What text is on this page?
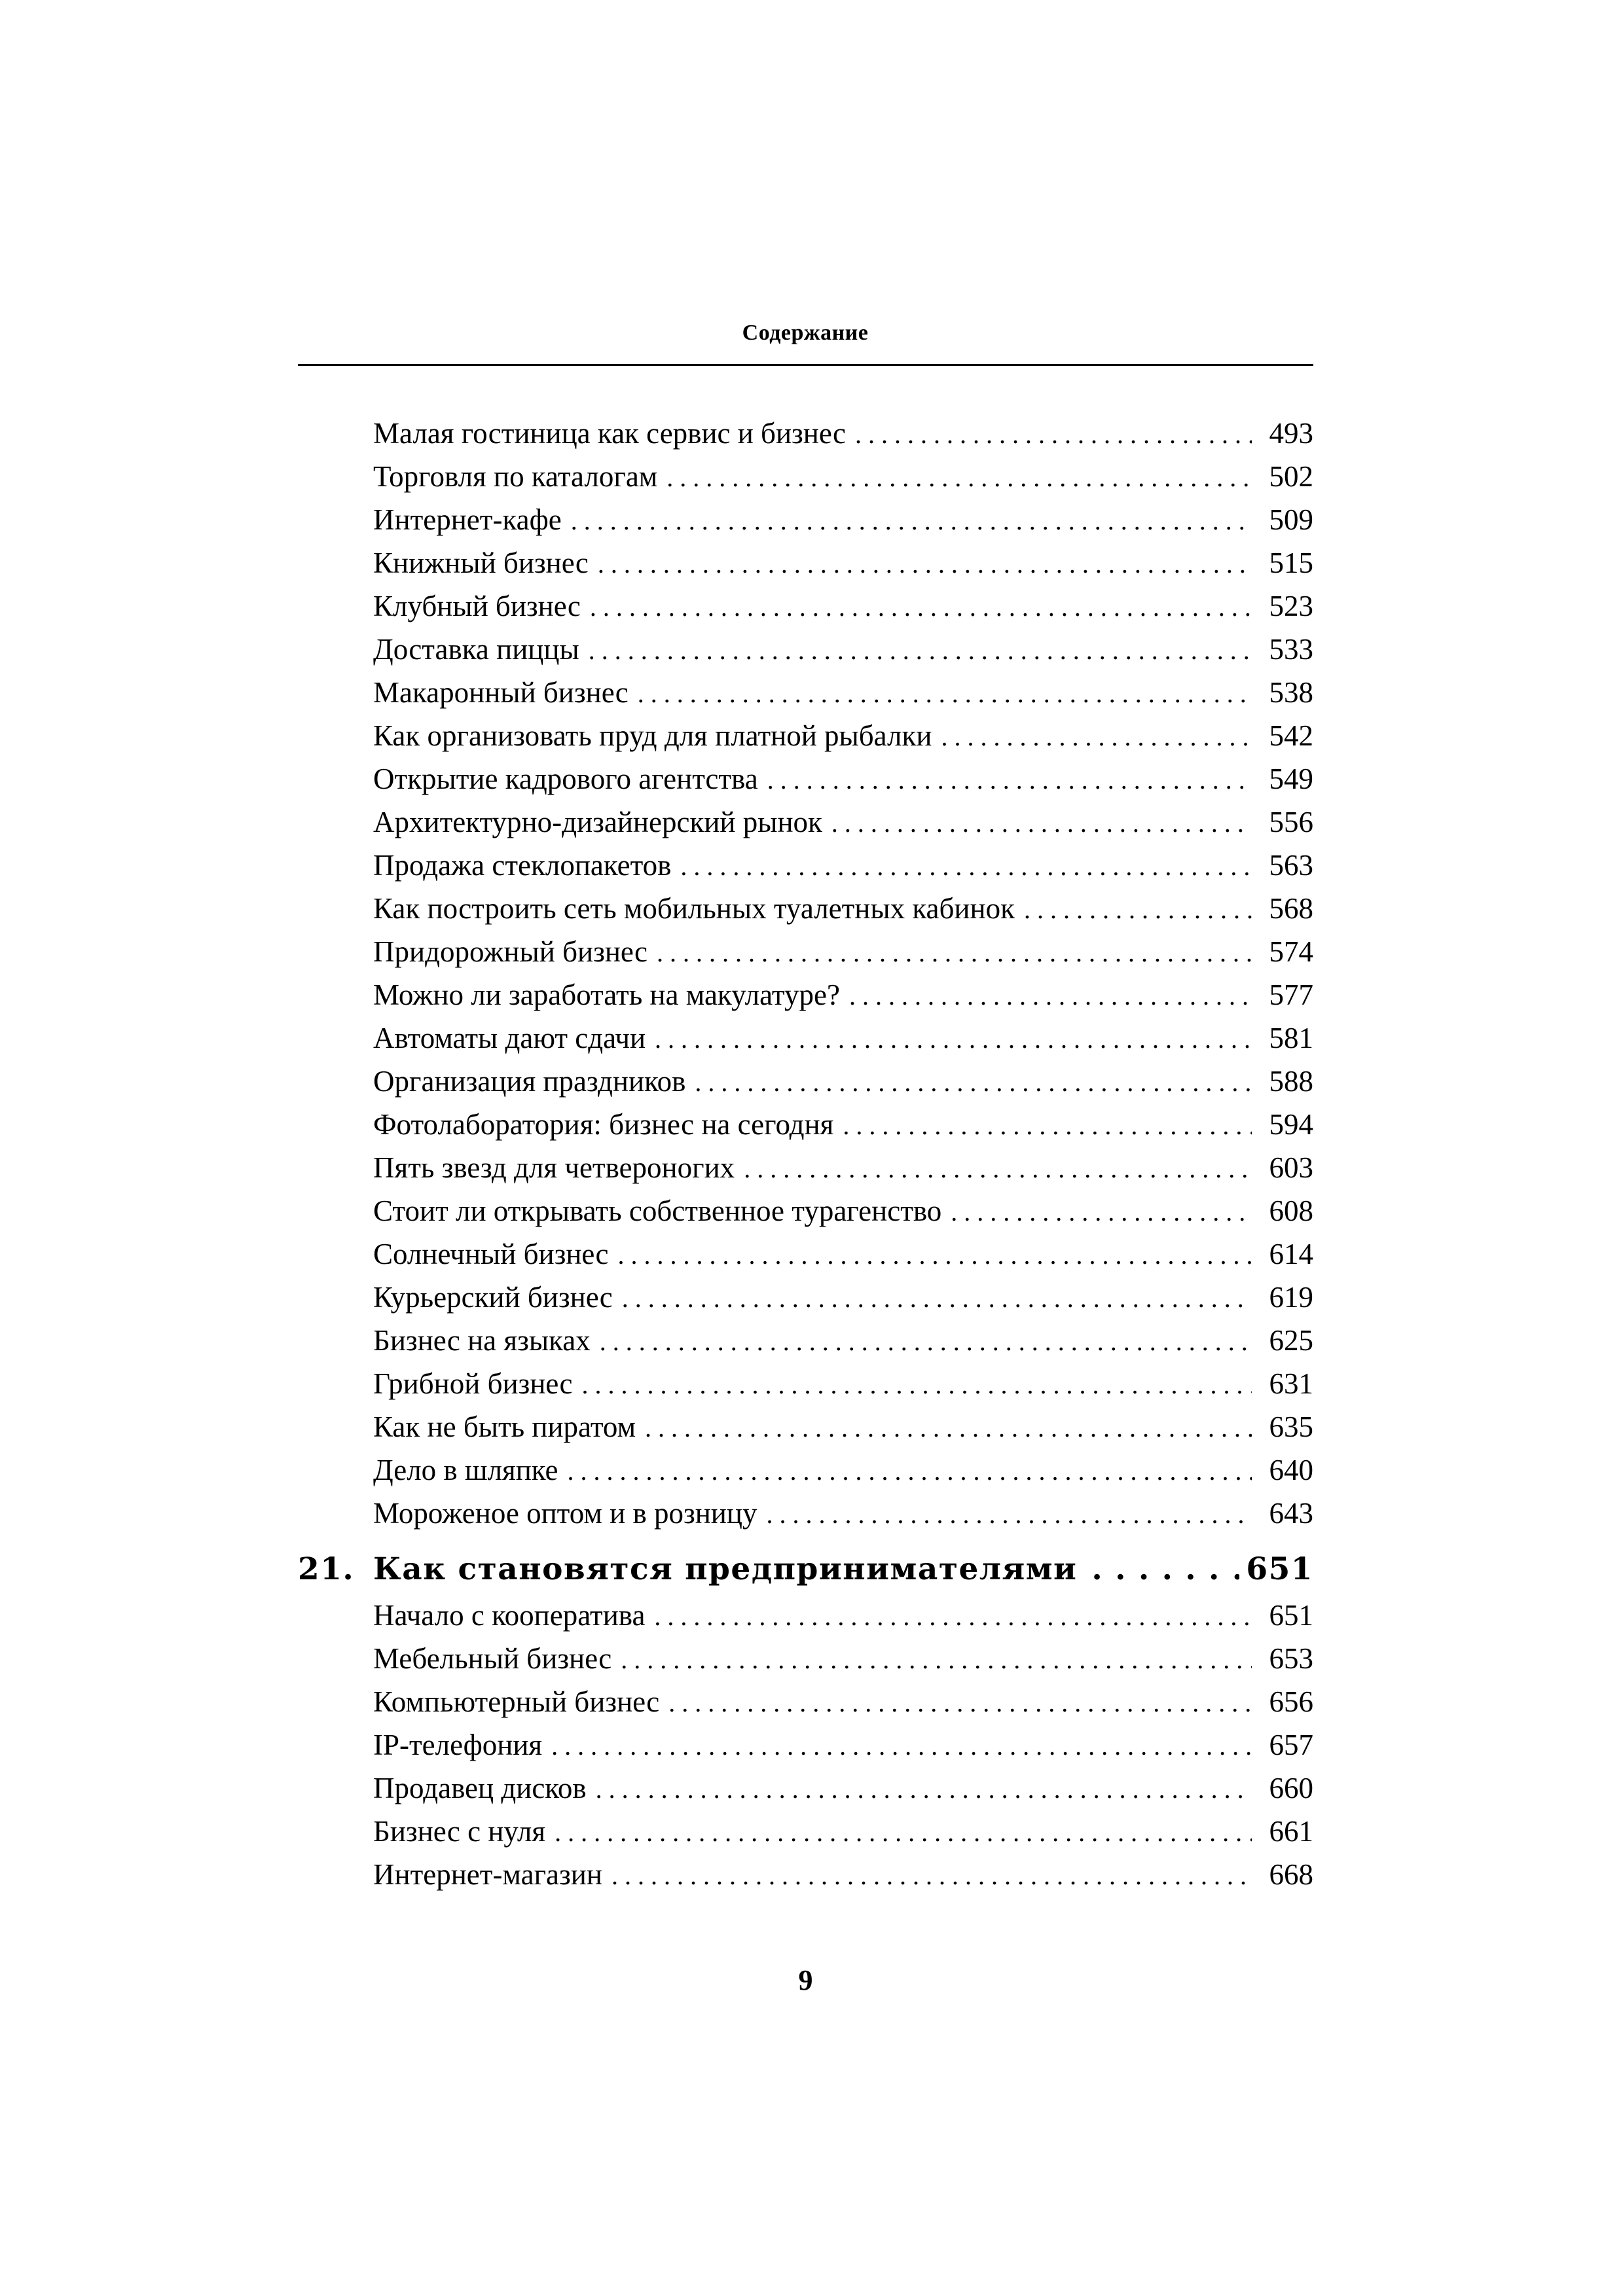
Содержание
Малая гостиница как сервис и бизнес . . .	493
Торговля по каталогам . . .	502
Интернет-кафе . . .	509
Книжный бизнес . . .	515
Клубный бизнес . . .	523
Доставка пиццы . . .	533
Макаронный бизнес . . .	538
Как организовать пруд для платной рыбалки . . .	542
Открытие кадрового агентства . . .	549
Архитектурно-дизайнерский рынок . . .	556
Продажа стеклопакетов . . .	563
Как построить сеть мобильных туалетных кабинок . . .	568
Придорожный бизнес . . .	574
Можно ли заработать на макулатуре? . . .	577
Автоматы дают сдачи . . .	581
Организация праздников . . .	588
Фотолаборатория: бизнес на сегодня . . .	594
Пять звезд для четвероногих . . .	603
Стоит ли открывать собственное турагенство . . .	608
Солнечный бизнес . . .	614
Курьерский бизнес . . .	619
Бизнес на языках . . .	625
Грибной бизнес . . .	631
Как не быть пиратом . . .	635
Дело в шляпке . . .	640
Мороженое оптом и в розницу . . .	643
21. Как становятся предпринимателями . . .	651
Начало с кооператива . . .	651
Мебельный бизнес . . .	653
Компьютерный бизнес . . .	656
IP-телефония . . .	657
Продавец дисков . . .	660
Бизнес с нуля . . .	661
Интернет-магазин . . .	668
9
